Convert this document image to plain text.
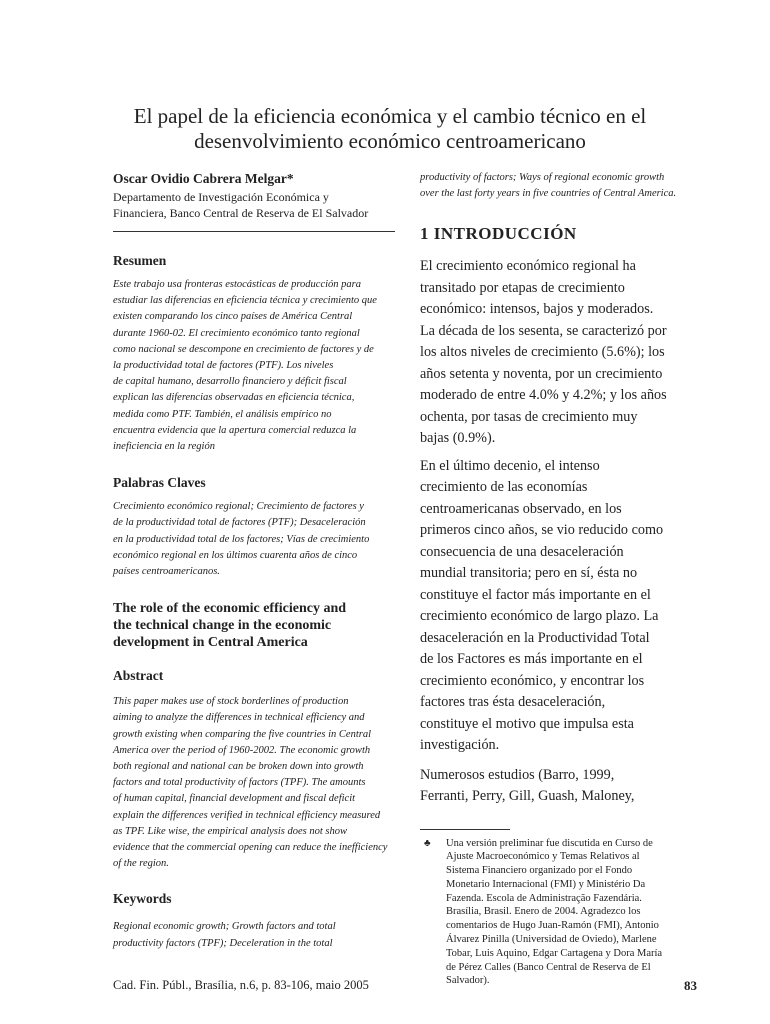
El papel de la eficiencia económica y el cambio técnico en el
desenvolvimiento económico centroamericano

Oscar Ovidio Cabrera Melgar*

Departamento de Investigación Económica y
Financiera, Banco Central de Reserva de El Salvador

Resumen

Este trabajo usa fronteras estocásticas de producción para
estudiar las diferencias en eficiencia técnica y crecimiento que
existen comparando los cinco países de América Central
durante 1960-02. El crecimiento económico tanto regional
como nacional se descompone en crecimiento de factores y de
la productividad total de factores (PTF). Los niveles
de capital humano, desarrollo financiero y déficit fiscal
explican las diferencias observadas en eficiencia técnica,
medida como PTF. También, el análisis empírico no
encuentra evidencia que la apertura comercial reduzca la
ineficiencia en la región

Palabras Claves

Crecimiento económico regional; Crecimiento de factores y
de la productividad total de factores (PTF); Desaceleración
en la productividad total de los factores; Vías de crecimiento
económico regional en los últimos cuarenta años de cinco
países centroamericanos.
The role of the economic efficiency and
the technical change in the economic
development in Central America

Abstract

This paper makes use of stock borderlines of production
aiming to analyze the differences in technical efficiency and
growth existing when comparing the five countries in Central
America over the period of 1960-2002. The economic growth
both regional and national can be broken down into growth
factors and total productivity of factors (TPF). The amounts
of human capital, financial development and fiscal deficit
explain the differences verified in technical efficiency measured
as TPF. Like wise, the empirical analysis does not show
evidence that the commercial opening can reduce the inefficiency
of the region.

Keywords

Regional economic growth; Growth factors and total
productivity factors (TPF); Deceleration in the total
productivity of factors; Ways of regional economic growth
over the last forty years in five countries of Central America.

1 INTRODUCCIÓN

El crecimiento económico regional ha
transitado por etapas de crecimiento
económico: intensos, bajos y moderados.
La década de los sesenta, se caracterizó por
los altos niveles de crecimiento (5.6%); los
años setenta y noventa, por un crecimiento
moderado de entre 4.0% y 4.2%; y los años
ochenta, por tasas de crecimiento muy
bajas (0.9%).
En el último decenio, el intenso
crecimiento de las economías
centroamericanas observado, en los
primeros cinco años, se vio reducido como
consecuencia de una desaceleración
mundial transitoria; pero en sí, ésta no
constituye el factor más importante en el
crecimiento económico de largo plazo. La
desaceleración en la Productividad Total
de los Factores es más importante en el
crecimiento económico, y encontrar los
factores tras ésta desaceleración,
constituye el motivo que impulsa esta
investigación.
Numerosos estudios (Barro, 1999,
Ferranti, Perry, Gill, Guash, Maloney,
♣ Una versión preliminar fue discutida en Curso de
Ajuste Macroeconómico y Temas Relativos al
Sistema Financiero organizado por el Fondo
Monetario Internacional (FMI) y Ministério Da
Fazenda. Escola de Administração Fazendária.
Brasília, Brasil. Enero de 2004. Agradezco los
comentarios de Hugo Juan-Ramón (FMI), Antonio
Álvarez Pinilla (Universidad de Oviedo), Marlene
Tobar, Luis Aquino, Edgar Cartagena y Dora María
de Pérez Calles (Banco Central de Reserva de El
Salvador).
Cad. Fin. Públ., Brasília, n.6, p. 83-106, maio 2005	83
